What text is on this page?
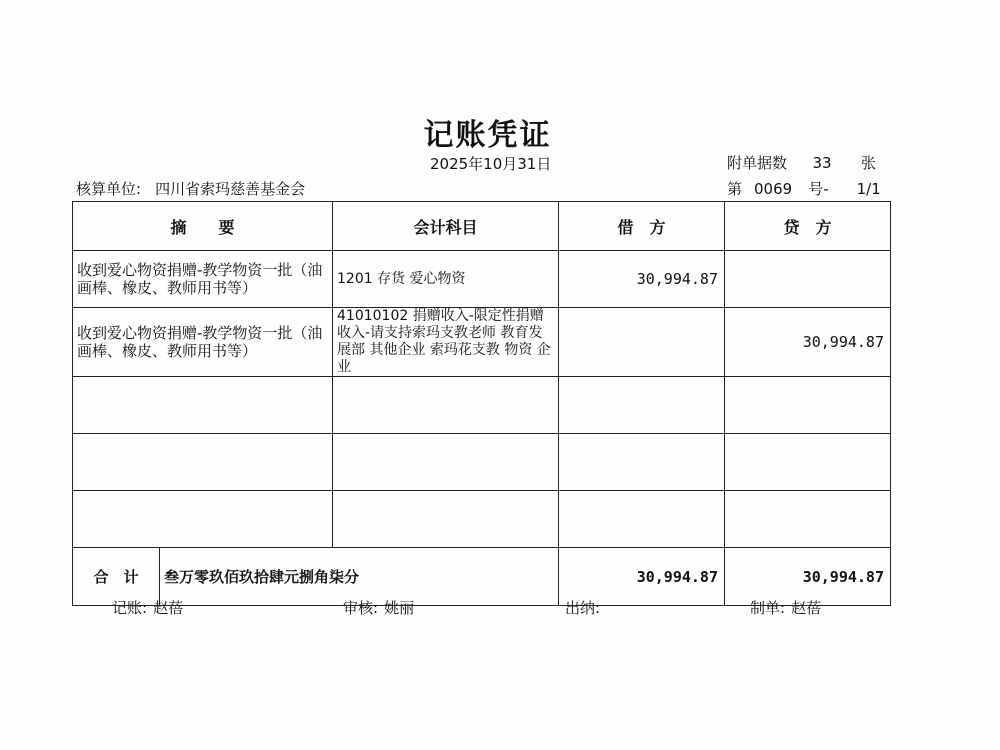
记账凭证
2025年10月31日	附单据数 33 张
核算单位: 四川省索玛慈善基金会	第 0069 号- 1/1
摘　　要		会计科目	借　方	贷　方
收到爱心物资捐赠-教学物资一批（油画棒、橡皮、教师用书等）		1201 存货 爱心物资	30,994.87	
收到爱心物资捐赠-教学物资一批（油画棒、橡皮、教师用书等）		41010102 捐赠收入-限定性捐赠收入-请支持索玛支教老师 教育发展部 其他企业 索玛花支教 物资 企业		30,994.87

合　计	叁万零玖佰玖拾肆元捌角柒分		30,994.87	30,994.87
记账: 赵蓓	审核: 姚丽	出纳:	制单: 赵蓓
